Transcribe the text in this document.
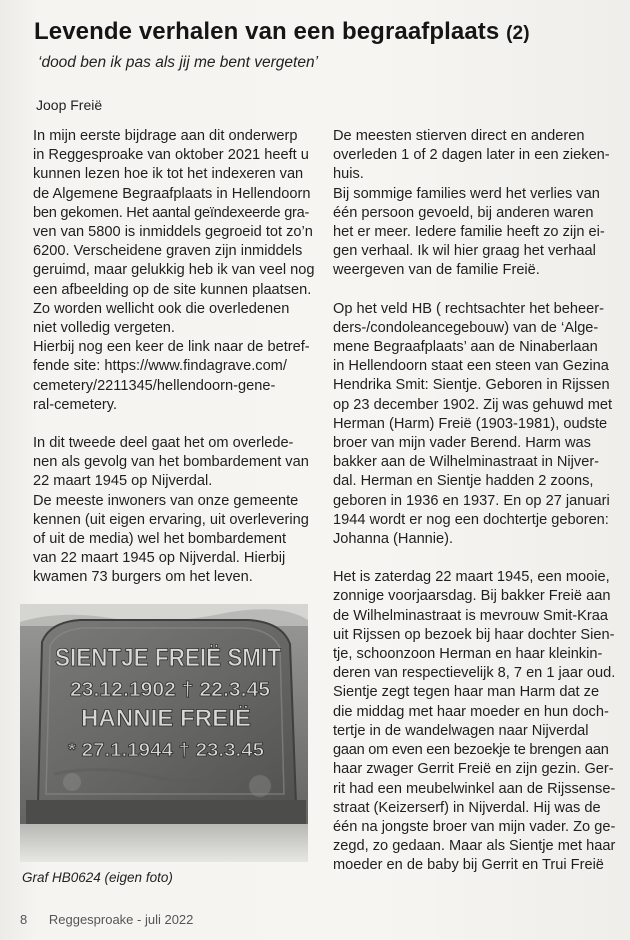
Levende verhalen van een begraafplaats (2)
‘dood ben ik pas als jij me bent vergeten’
Joop Freië

In mijn eerste bijdrage aan dit onderwerp
in Reggesproake van oktober 2021 heeft u
kunnen lezen hoe ik tot het indexeren van
de Algemene Begraafplaats in Hellendoorn
ben gekomen. Het aantal geïndexeerde gra-
ven van 5800 is inmiddels gegroeid tot zo’n
6200. Verscheidene graven zijn inmiddels
geruimd, maar gelukkig heb ik van veel nog
een afbeelding op de site kunnen plaatsen.
Zo worden wellicht ook die overledenen
niet volledig vergeten.

Hierbij nog een keer de link naar de betref-
fende site: https://www.findagrave.com/
cemetery/2211345/hellendoorn-gene-
ral-cemetery.

In dit tweede deel gaat het om overlede-
nen als gevolg van het bombardement van
22 maart 1945 op Nijverdal.

De meeste inwoners van onze gemeente
kennen (uit eigen ervaring, uit overlevering
of uit de media) wel het bombardement
van 22 maart 1945 op Nijverdal. Hierbij
kwamen 73 burgers om het leven.

De meesten stierven direct en anderen
overleden 1 of 2 dagen later in een zieken-
huis.

Bij sommige families werd het verlies van
één persoon gevoeld, bij anderen waren
het er meer. Iedere familie heeft zo zijn ei-
gen verhaal. Ik wil hier graag het verhaal
weergeven van de familie Freië.

Op het veld HB ( rechtsachter het beheer-
ders-/condoleancegebouw) van de ‘Alge-
mene Begraafplaats’ aan de Ninaberlaan
in Hellendoorn staat een steen van Gezina
Hendrika Smit: Sientje. Geboren in Rijssen
op 23 december 1902. Zij was gehuwd met
Herman (Harm) Freië (1903-1981), oudste
broer van mijn vader Berend. Harm was
bakker aan de Wilhelminastraat in Nijver-
dal. Herman en Sientje hadden 2 zoons,
geboren in 1936 en 1937. En op 27 januari
1944 wordt er nog een dochtertje geboren:
Johanna (Hannie).

Het is zaterdag 22 maart 1945, een mooie,
zonnige voorjaarsdag. Bij bakker Freië aan
de Wilhelminastraat is mevrouw Smit-Kraa
uit Rijssen op bezoek bij haar dochter Sien-
tje, schoonzoon Herman en haar kleinkin-
deren van respectievelijk 8, 7 en 1 jaar oud.
Sientje zegt tegen haar man Harm dat ze
die middag met haar moeder en hun doch-
tertje in de wandelwagen naar Nijverdal
gaan om even een bezoekje te brengen aan
haar zwager Gerrit Freië en zijn gezin. Ger-
rit had een meubelwinkel aan de Rijssense-
straat (Keizerserf) in Nijverdal. Hij was de
één na jongste broer van mijn vader. Zo ge-
zegd, zo gedaan. Maar als Sientje met haar
moeder en de baby bij Gerrit en Trui Freië

SIENTJE FREIË SMIT
23.12.1902 † 22.3.45
HANNIE FREIË
* 27.1.1944 † 23.3.45
Graf HB0624 (eigen foto)
8 Reggesproake - juli 2022
